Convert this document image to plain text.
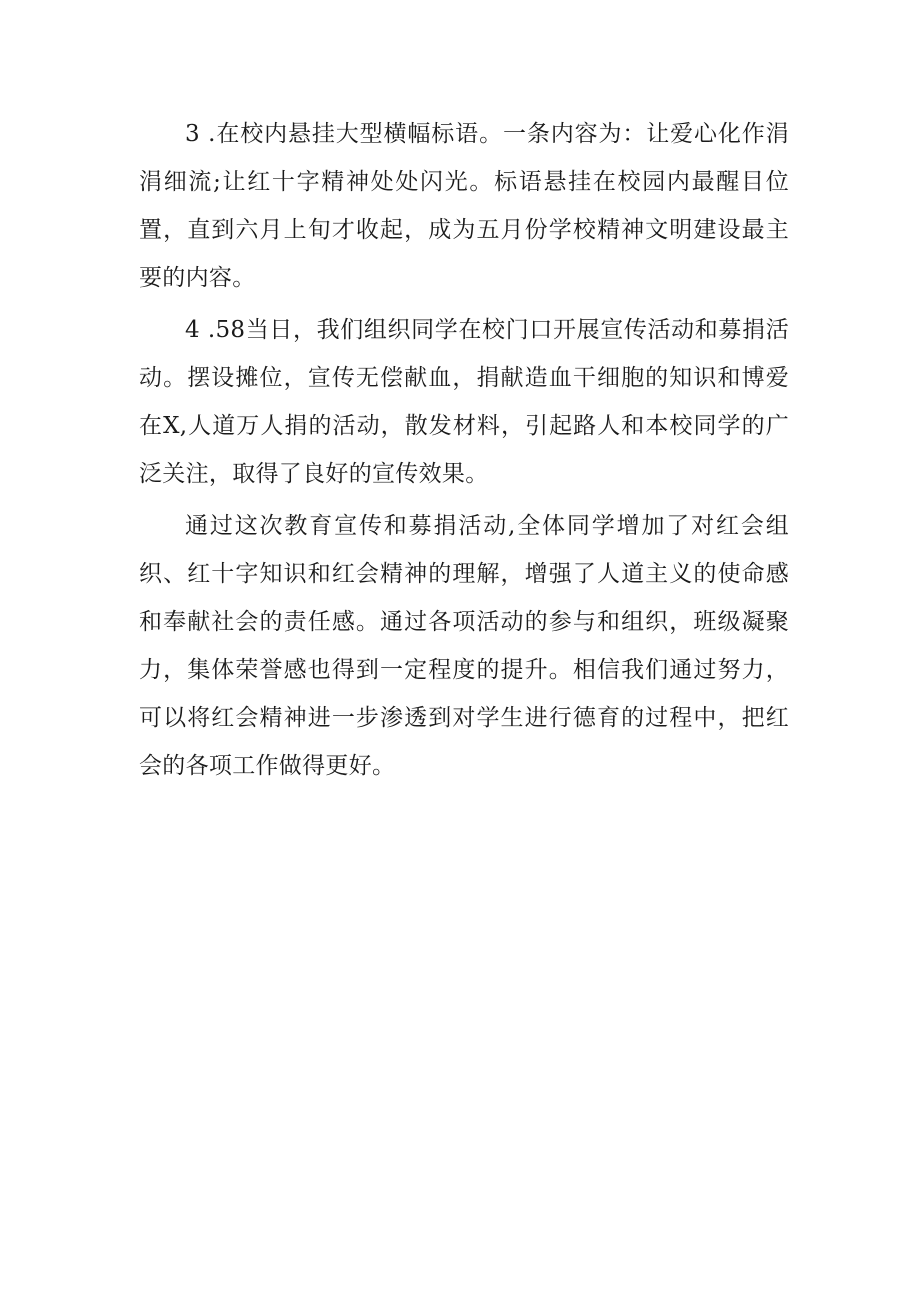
3 .在校内悬挂大型横幅标语。一条内容为：让爱心化作涓涓细流;让红十字精神处处闪光。标语悬挂在校园内最醒目位置，直到六月上旬才收起，成为五月份学校精神文明建设最主要的内容。

4 .58当日，我们组织同学在校门口开展宣传活动和募捐活动。摆设摊位，宣传无偿献血，捐献造血干细胞的知识和博爱在X,人道万人捐的活动，散发材料，引起路人和本校同学的广泛关注，取得了良好的宣传效果。

通过这次教育宣传和募捐活动,全体同学增加了对红会组织、红十字知识和红会精神的理解，增强了人道主义的使命感和奉献社会的责任感。通过各项活动的参与和组织，班级凝聚力，集体荣誉感也得到一定程度的提升。相信我们通过努力，可以将红会精神进一步渗透到对学生进行德育的过程中，把红会的各项工作做得更好。
